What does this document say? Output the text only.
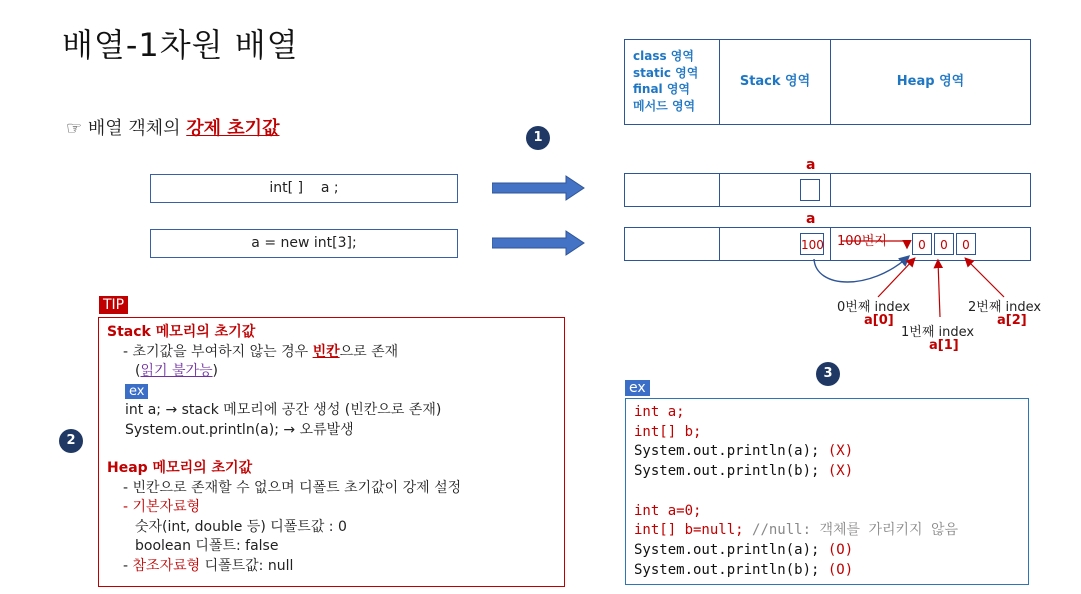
배열-1차원 배열
☞ 배열 객체의 강제 초기값
int[ ]    a ;
a = new int[3];
1
2
3
class 영역
static 영역
final 영역
메서드 영역
Stack 영역	Heap 영역
a
a
100	0	0	0
100번지
0번째 index
a[0]
1번째 index
a[1]
2번째 index
a[2]
TIP
Stack 메모리의 초기값
- 초기값을 부여하지 않는 경우 빈칸으로 존재
(읽기 불가능)
ex
int a; → stack 메모리에 공간 생성 (빈칸으로 존재)
System.out.println(a); → 오류발생
Heap 메모리의 초기값
- 빈칸으로 존재할 수 없으며 디폴트 초기값이 강제 설정
- 기본자료형
숫자(int, double 등) 디폴트값 : 0
boolean 디폴트: false
- 참조자료형 디폴트값: null
ex
int a;
int[] b;
System.out.println(a); (X)
System.out.println(b); (X)
int a=0;
int[] b=null; //null: 객체를 가리키지 않음
System.out.println(a); (O)
System.out.println(b); (O)
